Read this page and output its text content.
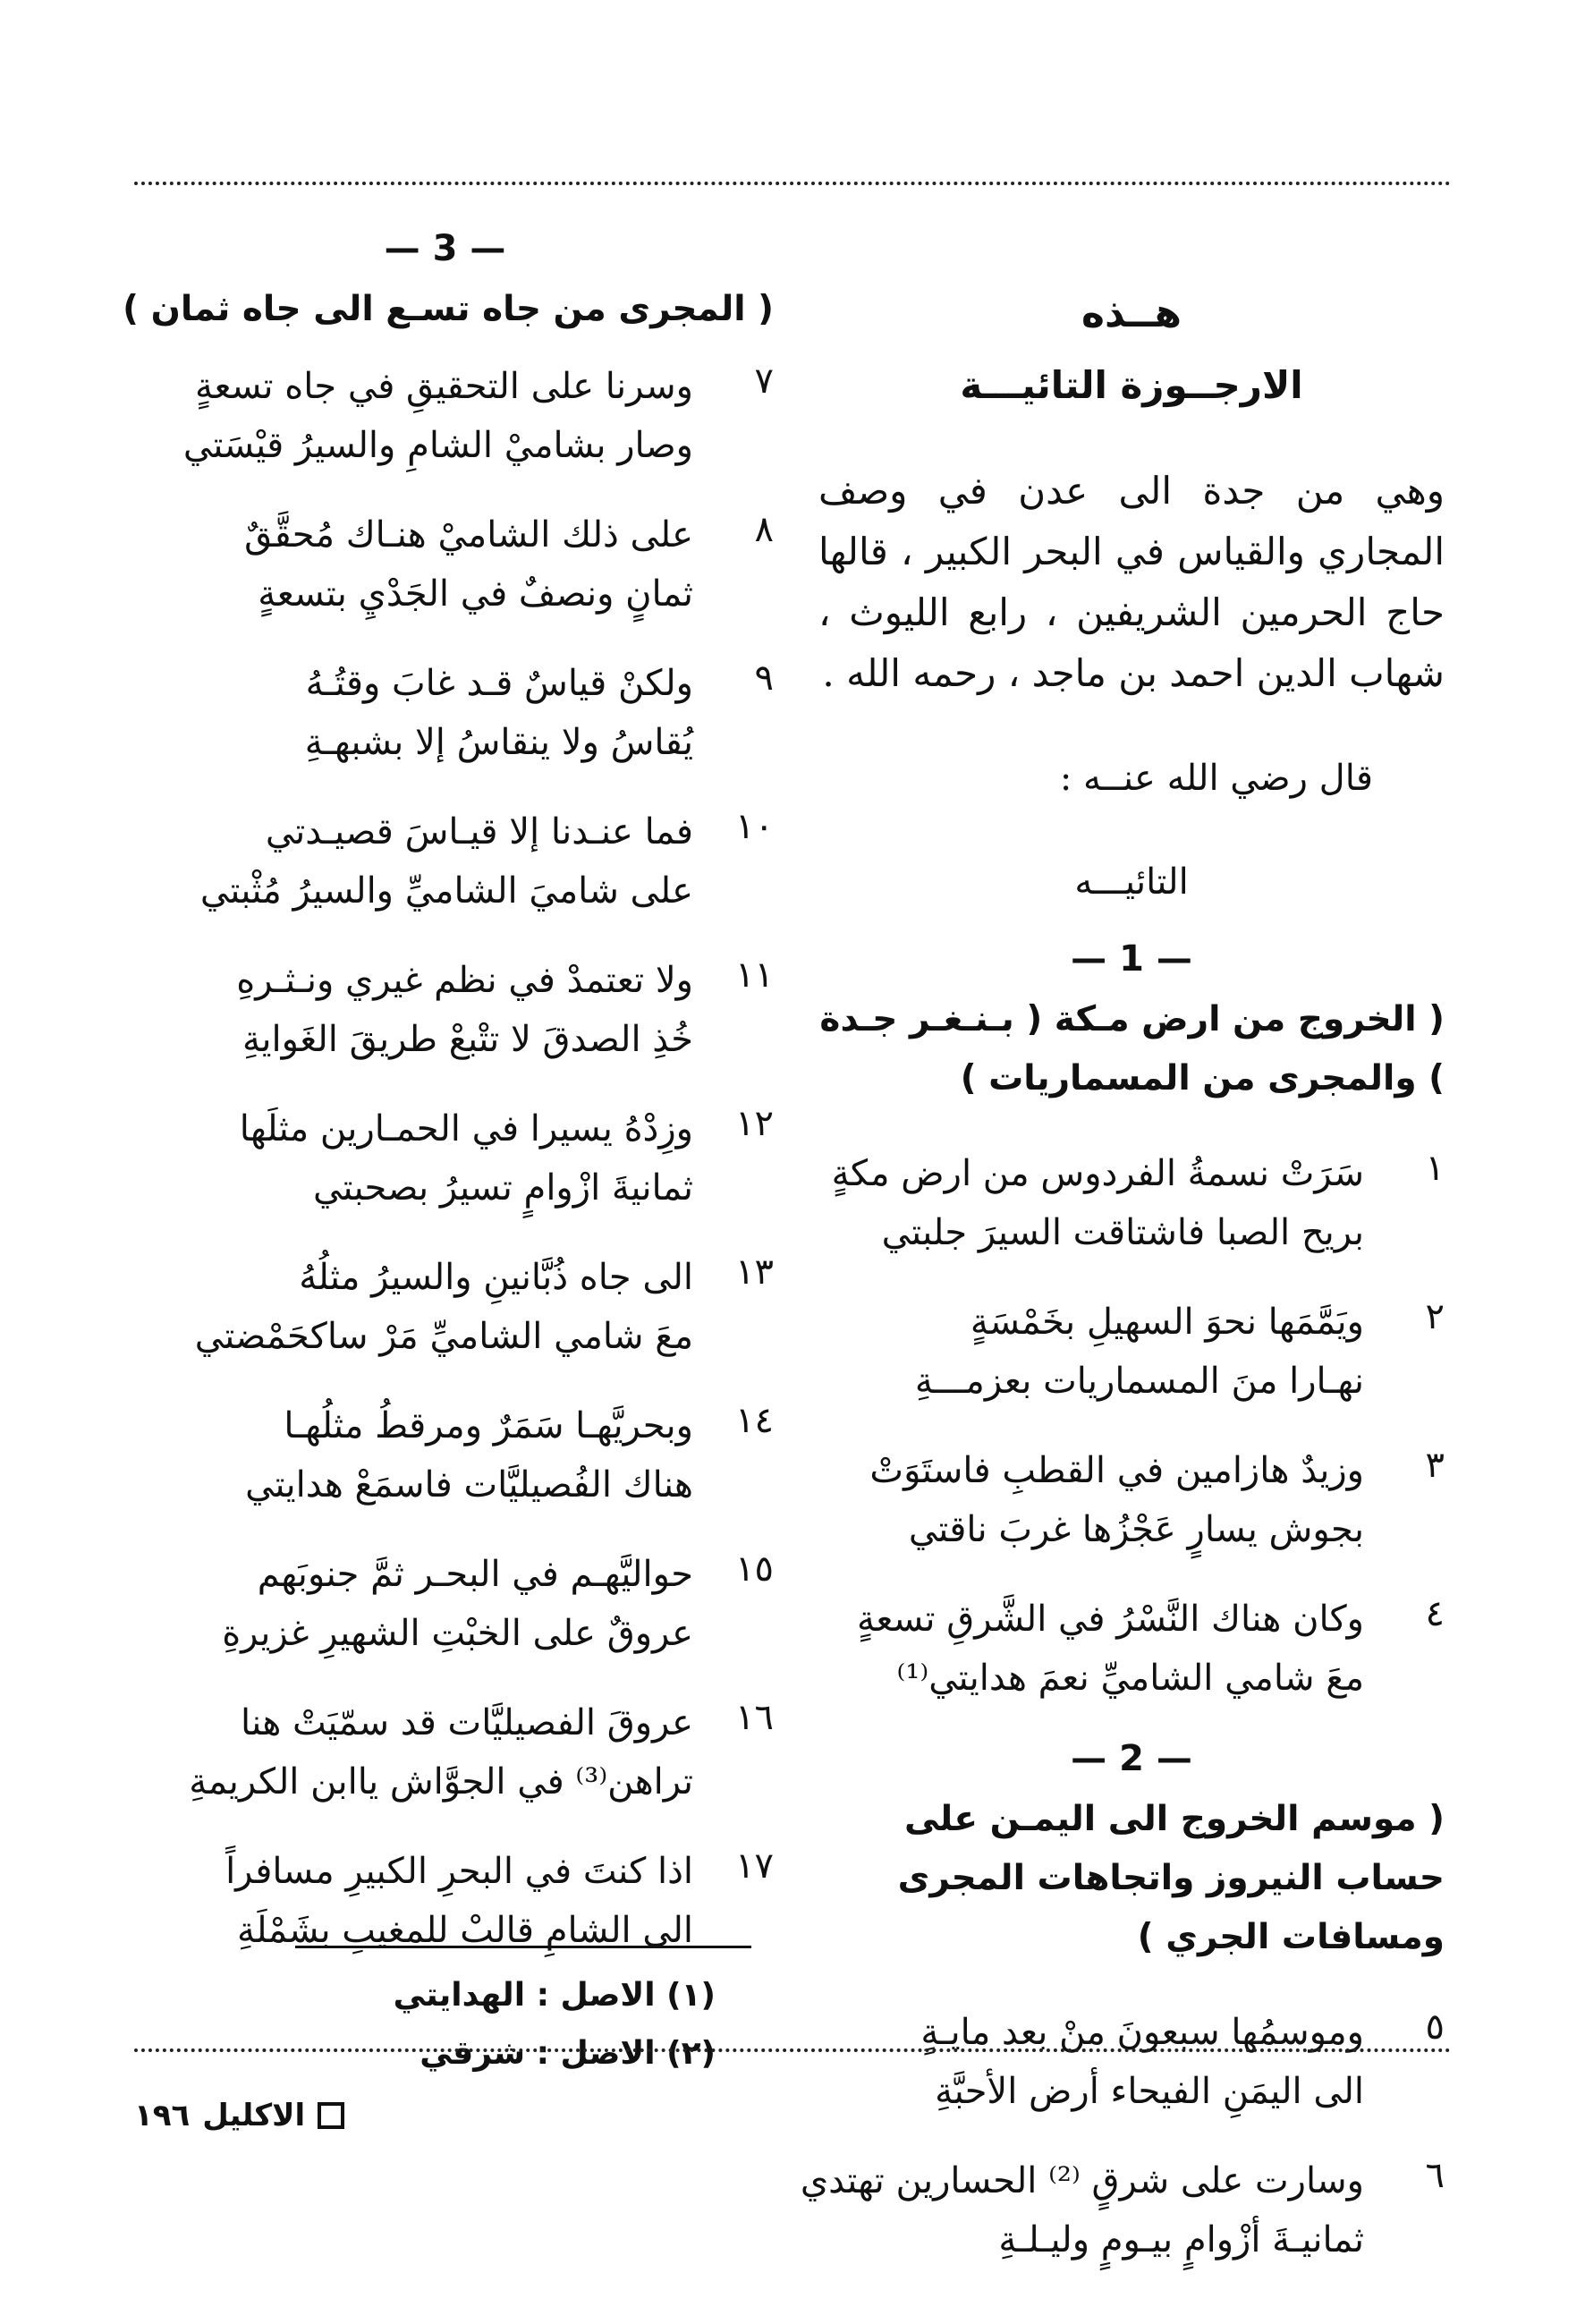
هــذه
الارجــوزة التائيـــة
وهي من جدة الى عدن في وصف المجاري والقياس في البحر الكبير ، قالها حاج الحرمين الشريفين ، رابع الليوث ، شهاب الدين احمد بن ماجد ، رحمه الله .
قال رضي الله عنــه :
التائيـــه
— 1 —
( الخروج من ارض مـكة ( بـنـغـر جـدة ) والمجرى من المسماريات )
١
سَرَتْ نسمةُ الفردوس من ارض مكةٍ
بريح الصبا فاشتاقت السيرَ جلبتي
٢
ويَمَّمَها نحوَ السهيلِ بخَمْسَةٍ
نهـارا منَ المسماريات بعزمـــةِ
٣
وزيدٌ هازامين في القطبِ فاستَوَتْ
بجوش يسارٍ عَجْزُها غربَ ناقتي
٤
وكان هناك النَّسْرُ في الشَّرقِ تسعةٍ
معَ شامي الشاميِّ نعمَ هدايتي⁽¹⁾
— 2 —
( موسم الخروج الى اليمـن على حساب النيروز واتجاهات المجرى ومسافات الجري )
٥
وموسمُها سبعونَ منْ بعد مايـةٍ
الى اليمَنِ الفيحاء أرض الأحبَّةِ
٦
وسارت على شرقٍ ⁽²⁾ الحسارين تهتدي
ثمانيـةَ أزْوامٍ بيـومٍ وليـلـةِ
— 3 —
( المجرى من جاه تسـع الى جاه ثمان )
٧
وسرنا على التحقيقِ في جاه تسعةٍ
وصار بشاميْ الشامِ والسيرُ قيْسَتي
٨
على ذلك الشاميْ هنـاك مُحقَّقٌ
ثمانٍ ونصفٌ في الجَدْيِ بتسعةٍ
٩
ولكنْ قياسٌ قـد غابَ وقتُـهُ
يُقاسُ ولا ينقاسُ إلا بشبهـةِ
١٠
فما عنـدنا إلا قيـاسَ قصيـدتي
على شاميَ الشاميِّ والسيرُ مُثْبتي
١١
ولا تعتمدْ في نظم غيري ونـثـرهِ
خُذِ الصدقَ لا تتْبعْ طريقَ الغَوايةِ
١٢
وزِدْهُ يسيرا في الحمـارين مثلَها
ثمانيةَ ازْوامٍ تسيرُ بصحبتي
١٣
الى جاه ذُبَّانينِ والسيرُ مثلُهُ
معَ شامي الشاميِّ مَرْ ساكحَمْضتي
١٤
وبحريَّهـا سَمَرٌ ومرقطُ مثلُهـا
هناك الفُصيليَّات فاسمَعْ هدايتي
١٥
حواليَّهـم في البحـر ثمَّ جنوبَهم
عروقٌ على الخبْتِ الشهيرِ غزيرةِ
١٦
عروقَ الفصيليَّات قد سمّيَتْ هنا
تراهن⁽³⁾ في الجوَّاش ياابن الكريمةِ
١٧
اذا كنتَ في البحرِ الكبيرِ مسافراً
الى الشامِ قالبْ للمغيبِ بشَمْلَةِ
(١) الاصل : الهدايتي
(٢) الاصل : شرقي
الاكليل
١٩٦
